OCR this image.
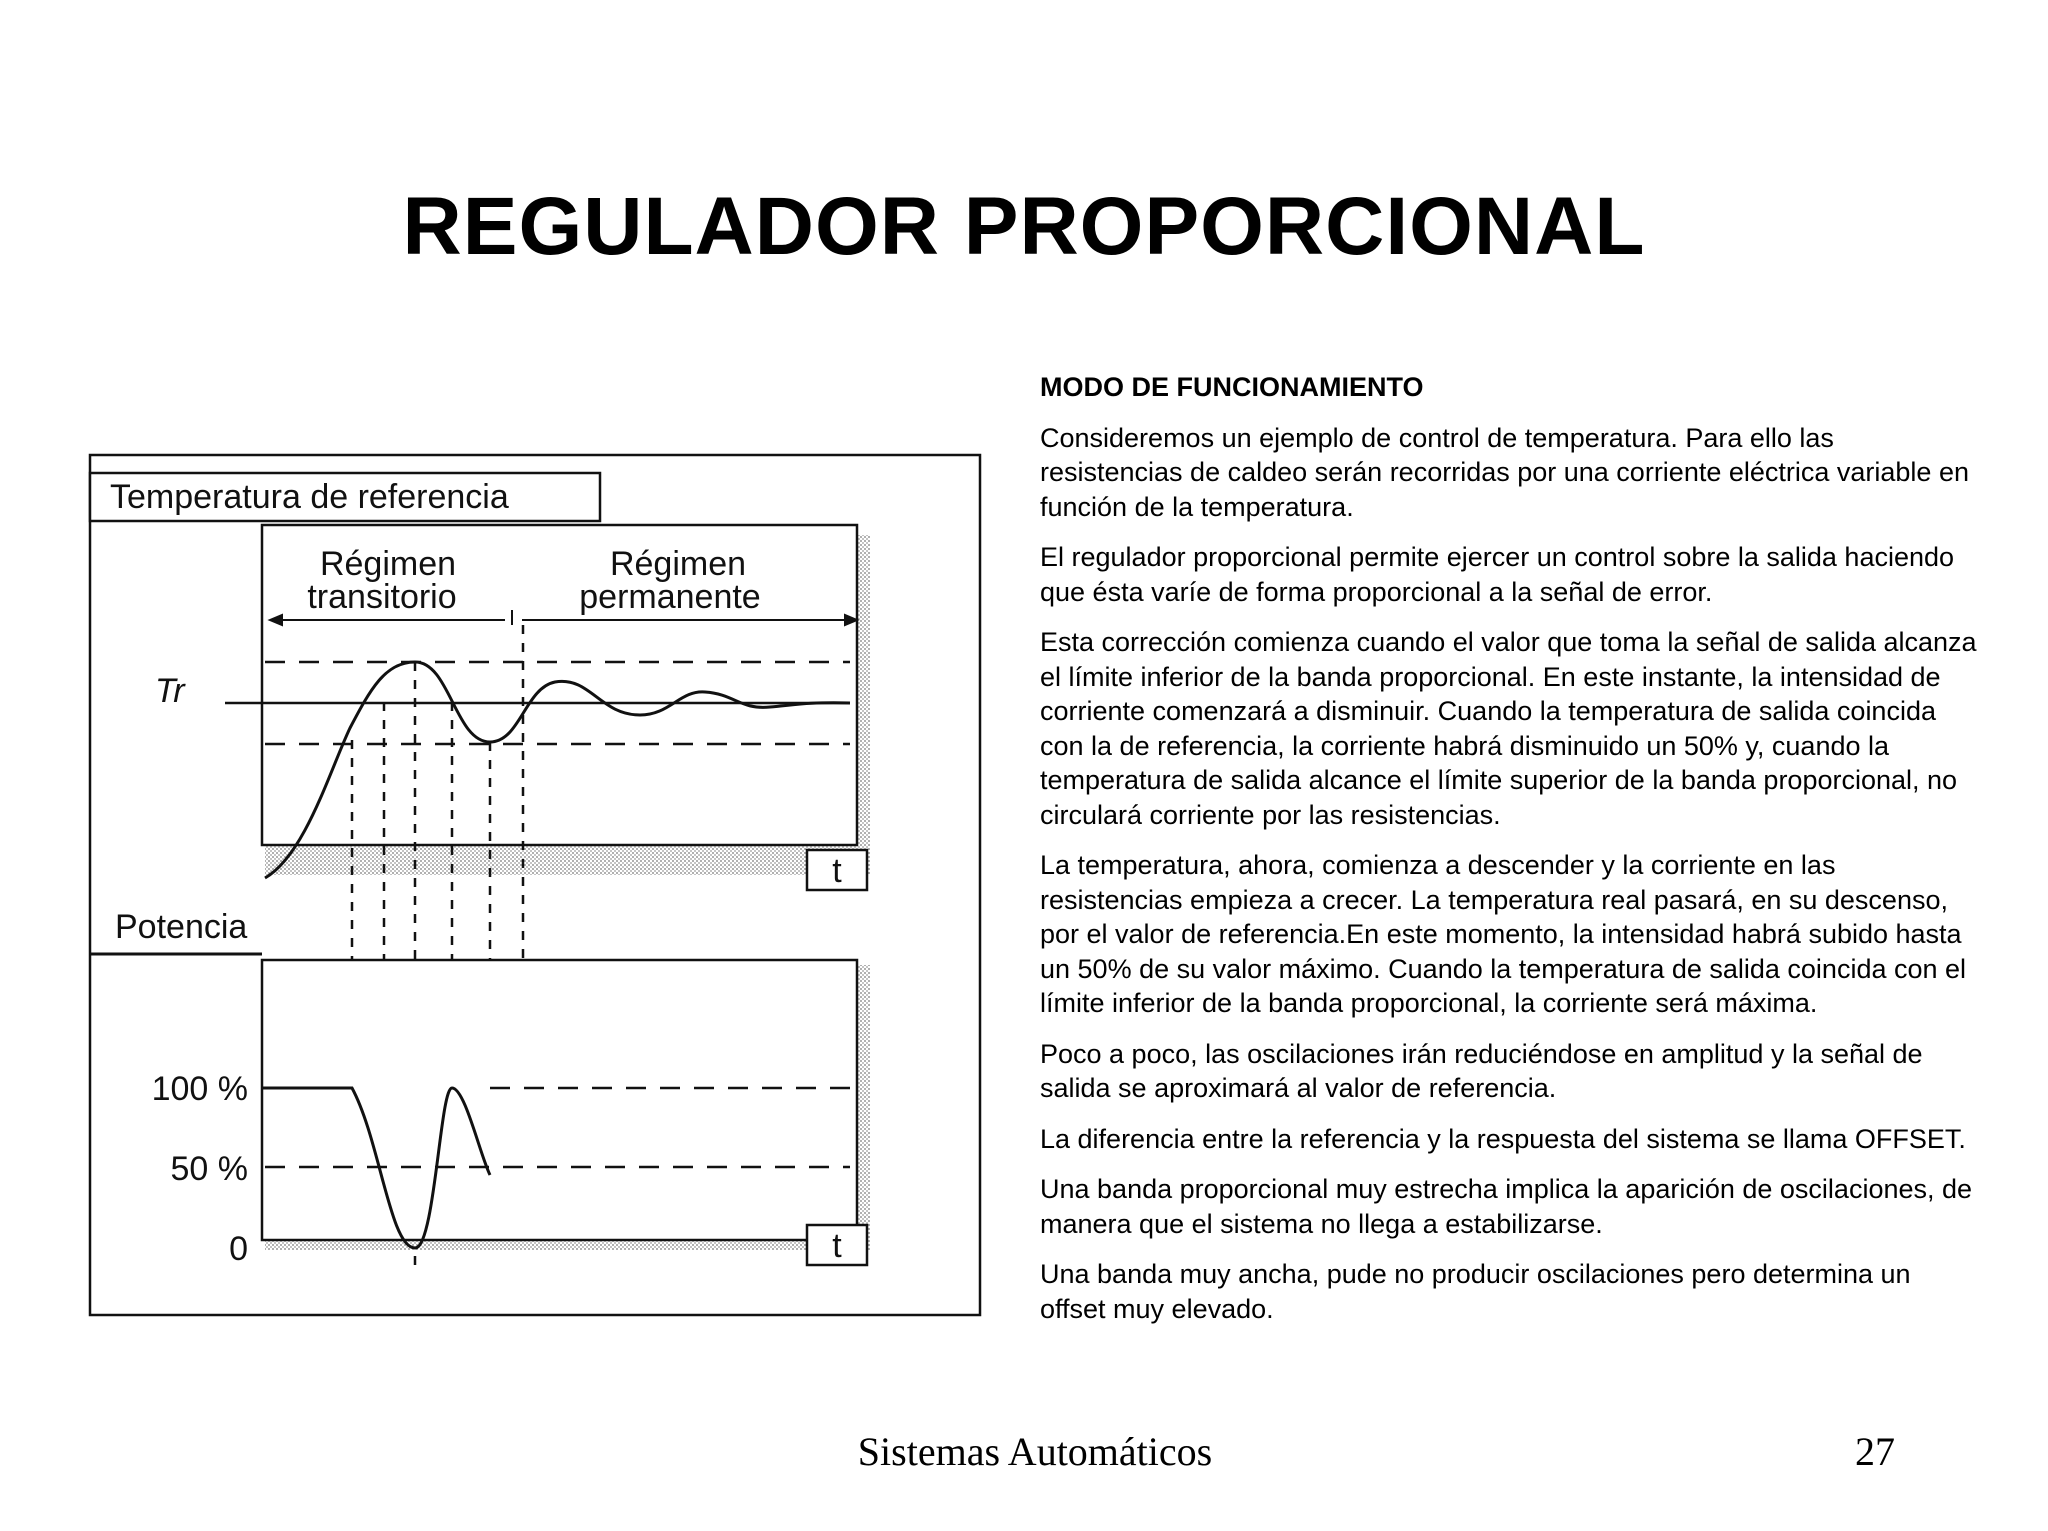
REGULADOR PROPORCIONAL
Temperatura de referencia
Régimen
transitorio
Régimen
permanente
Tr
t
Potencia
100 %
50 %
0	t
MODO DE FUNCIONAMIENTO

Consideremos un ejemplo de control de temperatura. Para ello las resistencias de caldeo serán recorridas por una corriente eléctrica variable en función de la temperatura.

El regulador proporcional permite ejercer un control sobre la salida haciendo que ésta varíe de forma proporcional a la señal de error.

Esta corrección comienza cuando el valor que toma la señal de salida alcanza el límite inferior de la banda proporcional. En este instante, la intensidad de corriente comenzará a disminuir. Cuando la temperatura de salida coincida con la de referencia, la corriente habrá disminuido un 50% y, cuando la temperatura de salida alcance el límite superior de la banda proporcional, no circulará corriente por las resistencias.

La temperatura, ahora, comienza a descender y la corriente en las resistencias empieza a crecer. La temperatura real pasará, en su descenso, por el valor de referencia.En este momento, la intensidad habrá subido hasta un 50% de su valor máximo. Cuando la temperatura de salida coincida con el límite inferior de la banda proporcional, la corriente será máxima.

Poco a poco, las oscilaciones irán reduciéndose en amplitud y la señal de salida se aproximará al valor de referencia.

La diferencia entre la referencia y la respuesta del sistema se llama OFFSET.

Una banda proporcional muy estrecha implica la aparición de oscilaciones, de manera que el sistema no llega a estabilizarse.

Una banda muy ancha, pude no producir oscilaciones pero determina un offset muy elevado.

Sistemas Automáticos	27
